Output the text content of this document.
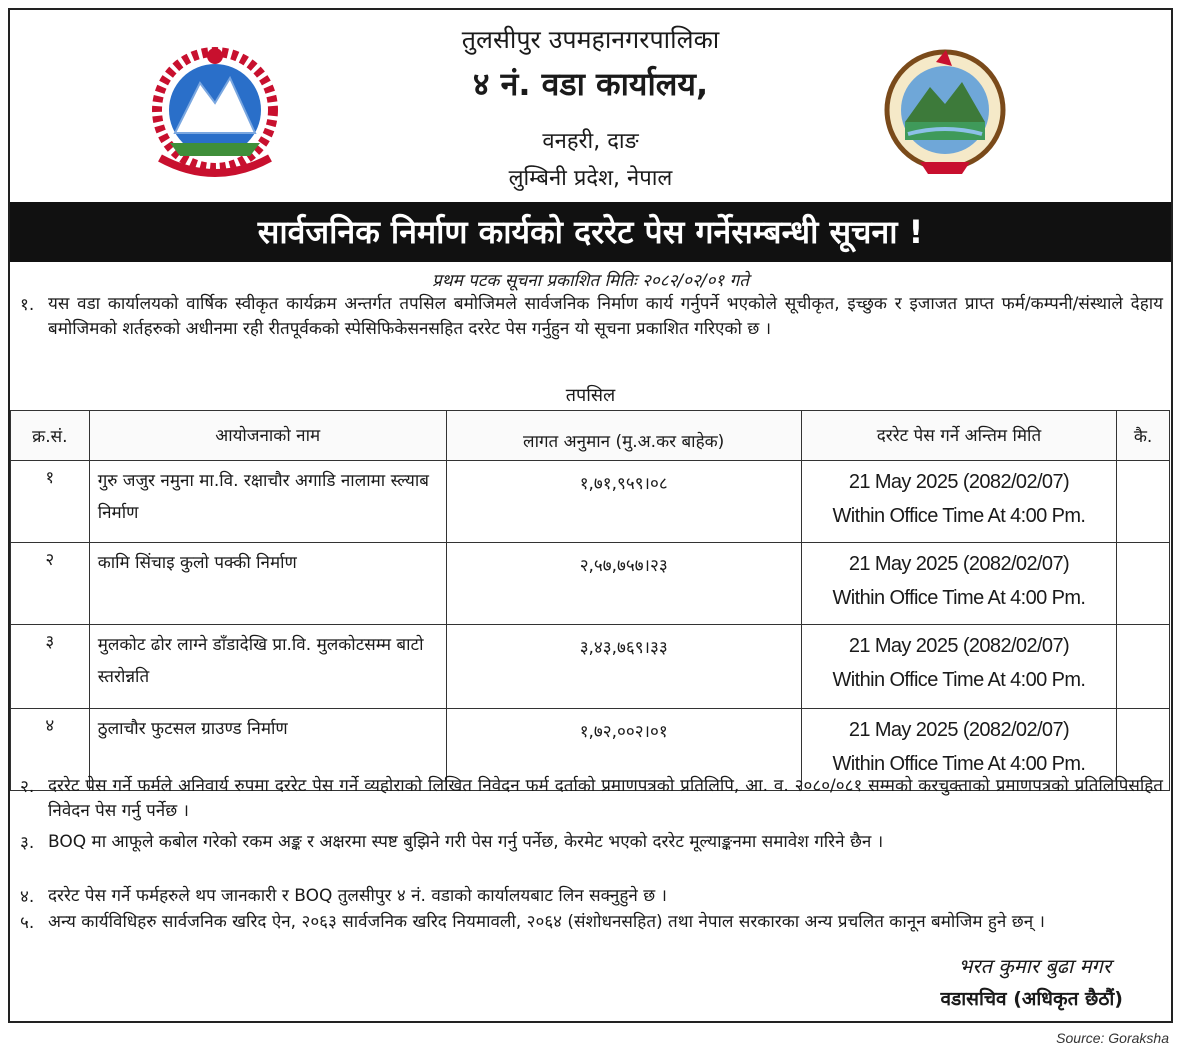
तुलसीपुर उपमहानगरपालिका
४ नं. वडा कार्यालय,
वनहरी, दाङ
लुम्बिनी प्रदेश, नेपाल
सार्वजनिक निर्माण कार्यको दररेट पेस गर्नेसम्बन्धी सूचना !
प्रथम पटक सूचना प्रकाशित मितिः २०८२/०२/०१ गते
१. यस वडा कार्यालयको वार्षिक स्वीकृत कार्यक्रम अन्तर्गत तपसिल बमोजिमले सार्वजनिक निर्माण कार्य गर्नुपर्ने भएकोले सूचीकृत, इच्छुक र इजाजत प्राप्त फर्म/कम्पनी/संस्थाले देहाय बमोजिमको शर्तहरुको अधीनमा रही रीतपूर्वकको स्पेसिफिकेसनसहित दररेट पेस गर्नुहुन यो सूचना प्रकाशित गरिएको छ ।
तपसिल
क्र.सं.	आयोजनाको नाम	लागत अनुमान (मु.अ.कर बाहेक)	दररेट पेस गर्ने अन्तिम मिति	कै.
१	गुरु जजुर नमुना मा.वि. रक्षाचौर अगाडि नालामा स्ल्याब निर्माण	१,७१,९५९।०८	21 May 2025 (2082/02/07)
Within Office Time At 4:00 Pm.	

२	कामि सिंचाइ कुलो पक्की निर्माण	२,५७,७५७।२३	21 May 2025 (2082/02/07)
Within Office Time At 4:00 Pm.	

३	मुलकोट ढोर लाग्ने डाँडादेखि प्रा.वि. मुलकोटसम्म बाटो स्तरोन्नति	३,४३,७६९।३३	21 May 2025 (2082/02/07)
Within Office Time At 4:00 Pm.	

४	ठुलाचौर फुटसल ग्राउण्ड निर्माण	१,७२,००२।०१	21 May 2025 (2082/02/07)
Within Office Time At 4:00 Pm.	

२. दररेट पेस गर्ने फर्मले अनिवार्य रुपमा दररेट पेस गर्ने व्यहोराको लिखित निवेदन फर्म दर्ताको प्रमाणपत्रको प्रतिलिपि, आ. व. २०८०/०८१ सम्मको करचुक्ताको प्रमाणपत्रको प्रतिलिपिसहित निवेदन पेस गर्नु पर्नेछ ।
३. BOQ मा आफूले कबोल गरेको रकम अङ्क र अक्षरमा स्पष्ट बुझिने गरी पेस गर्नु पर्नेछ, केरमेट भएको दररेट मूल्याङ्कनमा समावेश गरिने छैन ।
४. दररेट पेस गर्ने फर्महरुले थप जानकारी र BOQ तुलसीपुर ४ नं. वडाको कार्यालयबाट लिन सक्नुहुने छ ।
५. अन्य कार्यविधिहरु सार्वजनिक खरिद ऐन, २०६३ सार्वजनिक खरिद नियमावली, २०६४ (संशोधनसहित) तथा नेपाल सरकारका अन्य प्रचलित कानून बमोजिम हुने छन् ।
भरत कुमार बुढा मगर
वडासचिव (अधिकृत छैठौं)
Source: Goraksha
